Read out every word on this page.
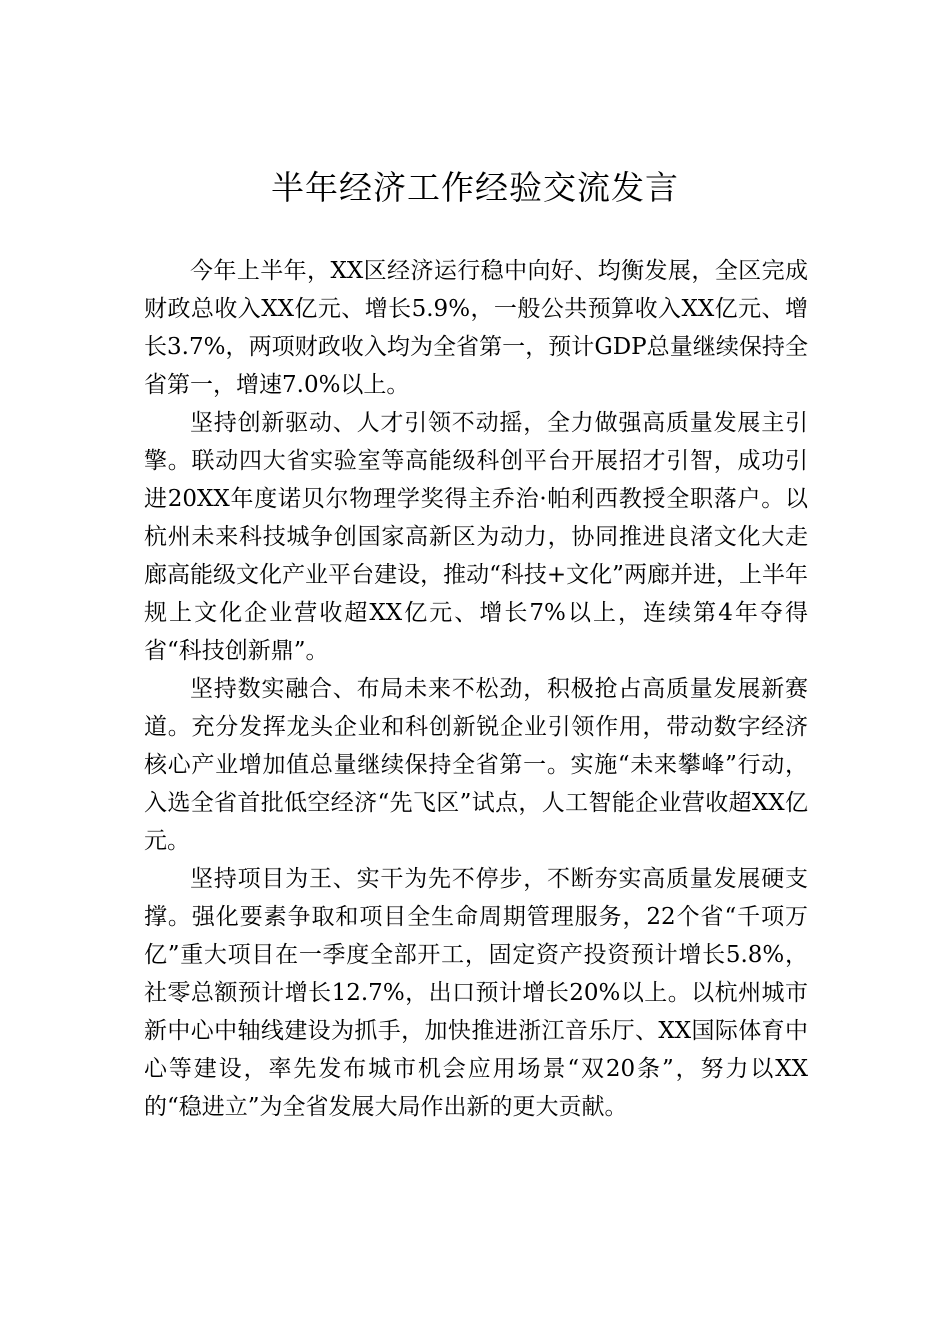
半年经济工作经验交流发言

今年上半年，XX区经济运行稳中向好、均衡发展，全区完成财政总收入XX亿元、增长5.9%，一般公共预算收入XX亿元、增长3.7%，两项财政收入均为全省第一，预计GDP总量继续保持全省第一，增速7.0%以上。

坚持创新驱动、人才引领不动摇，全力做强高质量发展主引擎。联动四大省实验室等高能级科创平台开展招才引智，成功引进20XX年度诺贝尔物理学奖得主乔治·帕利西教授全职落户。以杭州未来科技城争创国家高新区为动力，协同推进良渚文化大走廊高能级文化产业平台建设，推动“科技+文化”两廊并进，上半年规上文化企业营收超XX亿元、增长7%以上，连续第4年夺得省“科技创新鼎”。

坚持数实融合、布局未来不松劲，积极抢占高质量发展新赛道。充分发挥龙头企业和科创新锐企业引领作用，带动数字经济核心产业增加值总量继续保持全省第一。实施“未来攀峰”行动，入选全省首批低空经济“先飞区”试点，人工智能企业营收超XX亿元。

坚持项目为王、实干为先不停步，不断夯实高质量发展硬支撑。强化要素争取和项目全生命周期管理服务，22个省“千项万亿”重大项目在一季度全部开工，固定资产投资预计增长5.8%，社零总额预计增长12.7%，出口预计增长20%以上。以杭州城市新中心中轴线建设为抓手，加快推进浙江音乐厅、XX国际体育中心等建设，率先发布城市机会应用场景“双20条”，努力以XX的“稳进立”为全省发展大局作出新的更大贡献。
